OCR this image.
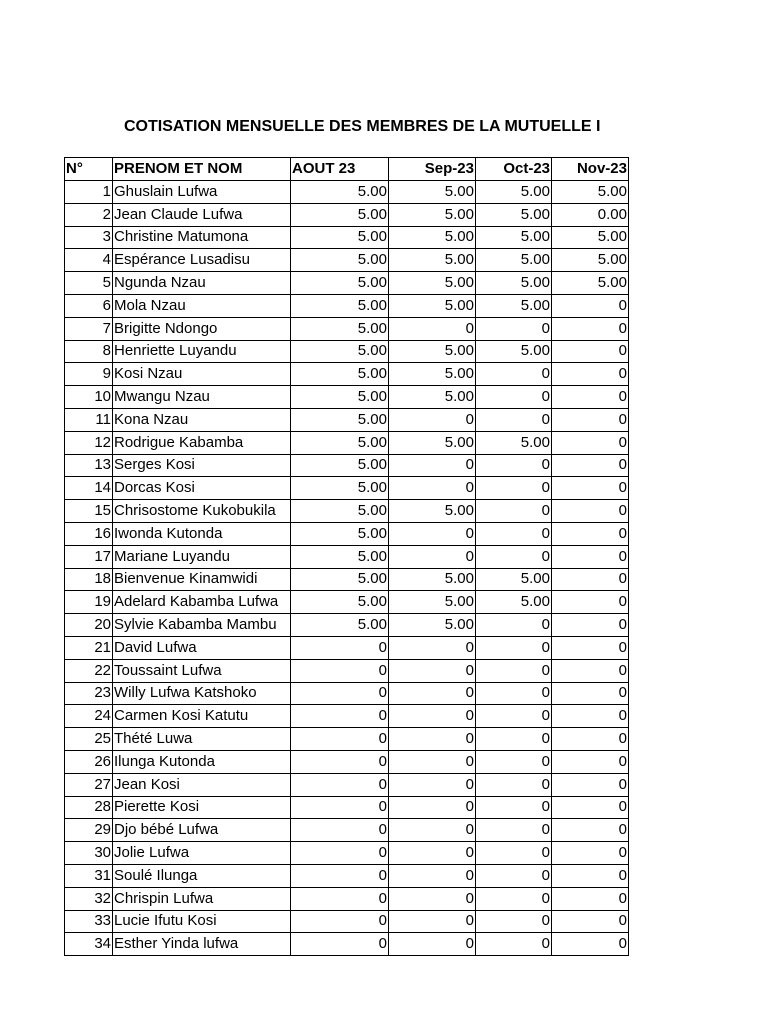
COTISATION MENSUELLE DES MEMBRES DE LA MUTUELLE I
N°	PRENOM ET NOM	AOUT 23	Sep-23	Oct-23	Nov-23
1	Ghuslain Lufwa	5.00	5.00	5.00	5.00
2	Jean Claude Lufwa	5.00	5.00	5.00	0.00
3	Christine Matumona	5.00	5.00	5.00	5.00
4	Espérance Lusadisu	5.00	5.00	5.00	5.00
5	Ngunda Nzau	5.00	5.00	5.00	5.00
6	Mola Nzau	5.00	5.00	5.00	0
7	Brigitte Ndongo	5.00	0	0	0
8	Henriette Luyandu	5.00	5.00	5.00	0
9	Kosi Nzau	5.00	5.00	0	0
10	Mwangu Nzau	5.00	5.00	0	0
11	Kona Nzau	5.00	0	0	0
12	Rodrigue Kabamba	5.00	5.00	5.00	0
13	Serges Kosi	5.00	0	0	0
14	Dorcas Kosi	5.00	0	0	0
15	Chrisostome Kukobukila	5.00	5.00	0	0
16	Iwonda Kutonda	5.00	0	0	0
17	Mariane Luyandu	5.00	0	0	0
18	Bienvenue Kinamwidi	5.00	5.00	5.00	0
19	Adelard Kabamba Lufwa	5.00	5.00	5.00	0
20	Sylvie Kabamba Mambu	5.00	5.00	0	0
21	David Lufwa	0	0	0	0
22	Toussaint Lufwa	0	0	0	0
23	Willy Lufwa Katshoko	0	0	0	0
24	Carmen Kosi Katutu	0	0	0	0
25	Thété Luwa	0	0	0	0
26	Ilunga Kutonda	0	0	0	0
27	Jean Kosi	0	0	0	0
28	Pierette Kosi	0	0	0	0
29	Djo bébé Lufwa	0	0	0	0
30	Jolie Lufwa	0	0	0	0
31	Soulé Ilunga	0	0	0	0
32	Chrispin Lufwa	0	0	0	0
33	Lucie Ifutu Kosi	0	0	0	0
34	Esther Yinda lufwa	0	0	0	0
